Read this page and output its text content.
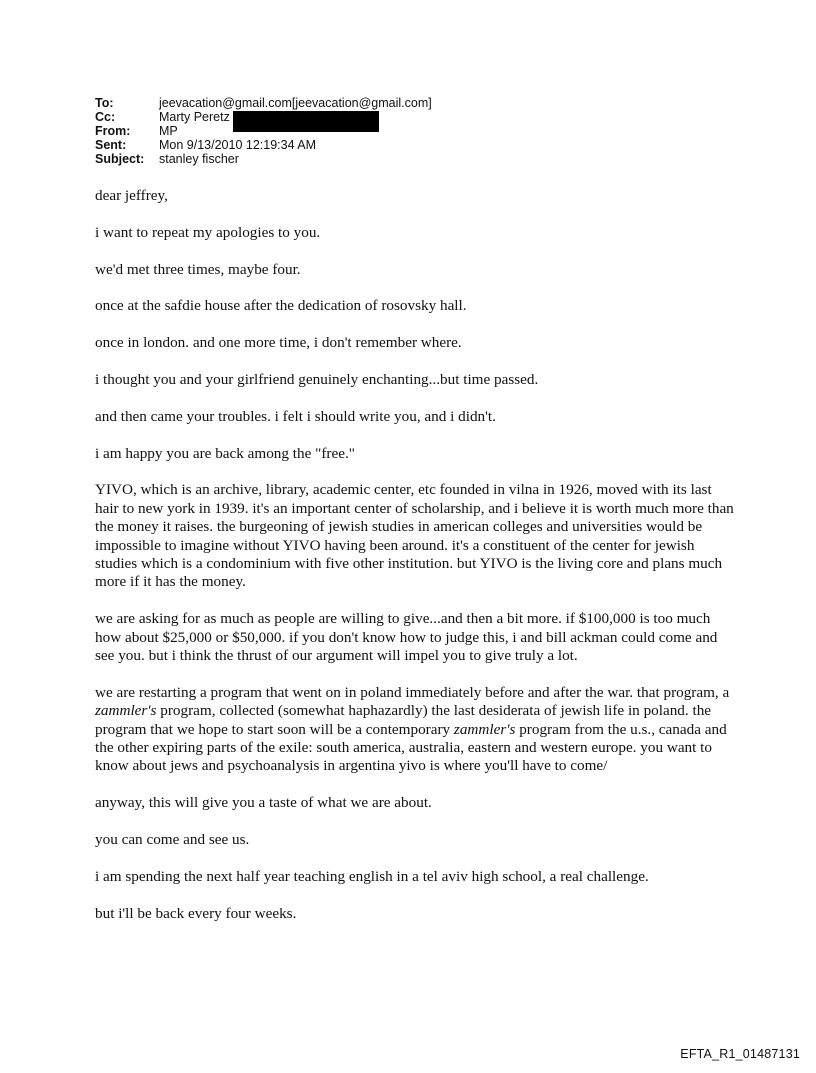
To:	jeevacation@gmail.com[jeevacation@gmail.com]
Cc:	Marty Peretz
From:	MP
Sent:	Mon 9/13/2010 12:19:34 AM
Subject:	stanley fischer

dear jeffrey,

i want to repeat my apologies to you.

we'd met three times, maybe four.

once at the safdie house after the dedication of rosovsky hall.

once in london. and one more time, i don't remember where.

i thought you and your girlfriend genuinely enchanting...but time passed.

and then came your troubles. i felt i should write you, and i didn't.

i am happy you are back among the "free."

YIVO, which is an archive, library, academic center, etc founded in vilna in 1926, moved with its last hair to new york in 1939. it's an important center of scholarship, and i believe it is worth much more than the money it raises. the burgeoning of jewish studies in american colleges and universities would be impossible to imagine without YIVO having been around. it's a constituent of the center for jewish studies which is a condominium with five other institution. but YIVO is the living core and plans much more if it has the money.

we are asking for as much as people are willing to give...and then a bit more. if $100,000 is too much how about $25,000 or $50,000. if you don't know how to judge this, i and bill ackman could come and see you. but i think the thrust of our argument will impel you to give truly a lot.

we are restarting a program that went on in poland immediately before and after the war. that program, a zammler's program, collected (somewhat haphazardly) the last desiderata of jewish life in poland. the program that we hope to start soon will be a contemporary zammler's program from the u.s., canada and the other expiring parts of the exile: south america, australia, eastern and western europe. you want to know about jews and psychoanalysis in argentina yivo is where you'll have to come/

anyway, this will give you a taste of what we are about.

you can come and see us.

i am spending the next half year teaching english in a tel aviv high school, a real challenge.

but i'll be back every four weeks.

EFTA_R1_01487131
